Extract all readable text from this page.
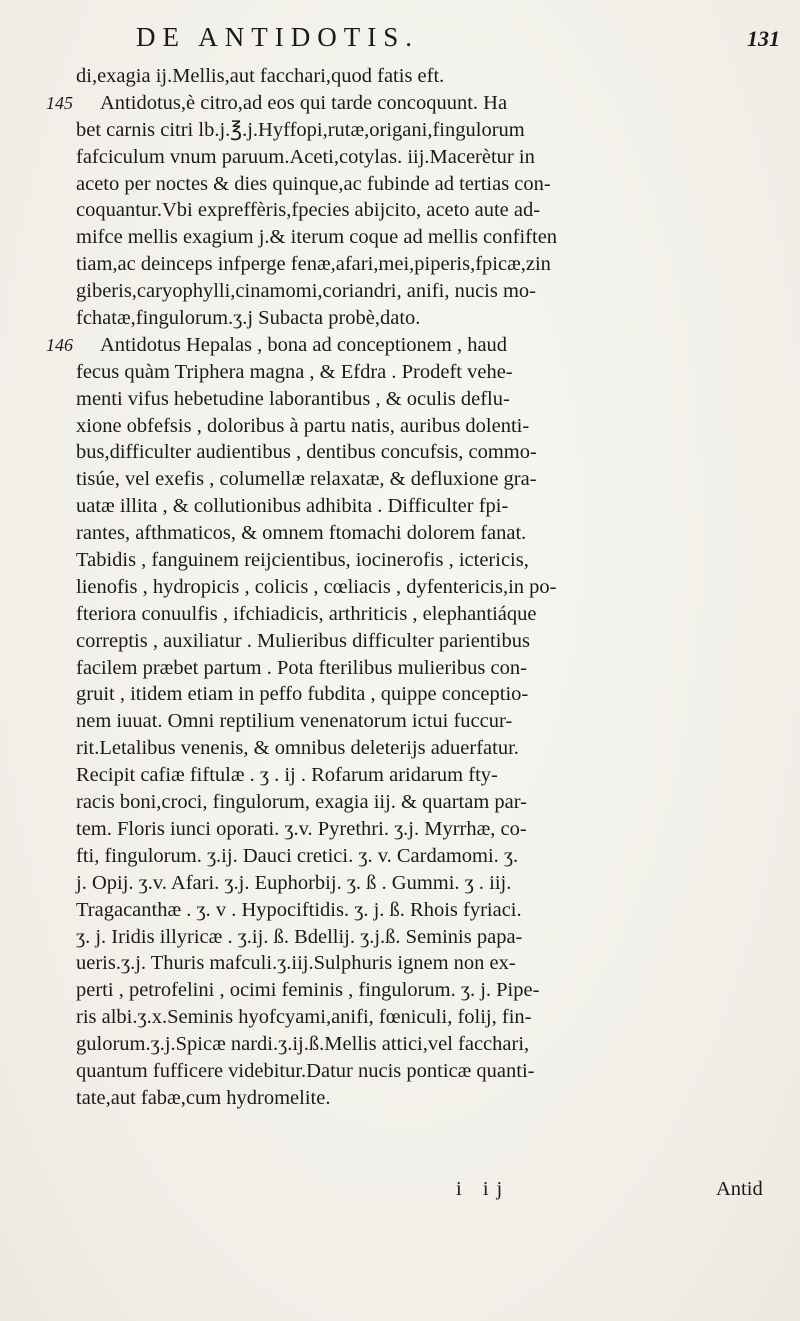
DE ANTIDOTIS.	131
di,exagia ij.Mellis,aut facchari,quod fatis eft.
145 Antidotus,è citro,ad eos qui tarde concoquunt. Ha
bet carnis citri lb.j.℥.j.Hyffopi,rutæ,origani,fingulorum
fafciculum vnum paruum.Aceti,cotylas. iij.Macerètur in
aceto per noctes & dies quinque,ac fubinde ad tertias con-
coquantur.Vbi expreffèris,fpecies abijcito, aceto aute ad-
mifce mellis exagium j.& iterum coque ad mellis confiften
tiam,ac deinceps infperge fenæ,afari,mei,piperis,fpicæ,zin
giberis,caryophylli,cinamomi,coriandri, anifi, nucis mo-
fchatæ,fingulorum.ʒ.j Subacta probè,dato.
146 Antidotus Hepalas , bona ad conceptionem , haud
fecus quàm Triphera magna , & Efdra . Prodeft vehe-
menti vifus hebetudine laborantibus , & oculis deflu-
xione obfefsis , doloribus à partu natis, auribus dolenti-
bus,difficulter audientibus , dentibus concufsis, commo-
tisúe, vel exefis , columellæ relaxatæ, & defluxione gra-
uatæ illita , & collutionibus adhibita . Difficulter fpi-
rantes, afthmaticos, & omnem ftomachi dolorem fanat.
Tabidis , fanguinem reijcientibus, iocinerofis , ictericis,
lienofis , hydropicis , colicis , cœliacis , dyfentericis,in po-
fteriora conuulfis , ifchiadicis, arthriticis , elephantiáque
correptis , auxiliatur . Mulieribus difficulter parientibus
facilem præbet partum . Pota fterilibus mulieribus con-
gruit , itidem etiam in peffo fubdita , quippe conceptio-
nem iuuat. Omni reptilium venenatorum ictui fuccur-
rit.Letalibus venenis, & omnibus deleterijs aduerfatur.
Recipit cafiæ fiftulæ . ʒ . ij . Rofarum aridarum fty-
racis boni,croci, fingulorum, exagia iij. & quartam par-
tem. Floris iunci oporati. ʒ.v. Pyrethri. ʒ.j. Myrrhæ, co-
fti, fingulorum. ʒ.ij. Dauci cretici. ʒ. v. Cardamomi. ʒ.
j. Opij. ʒ.v. Afari. ʒ.j. Euphorbij. ʒ. ß . Gummi. ʒ . iij.
Tragacanthæ . ʒ. v . Hypociftidis. ʒ. j. ß. Rhois fyriaci.
ʒ. j. Iridis illyricæ . ʒ.ij. ß. Bdellij. ʒ.j.ß. Seminis papa-
ueris.ʒ.j. Thuris mafculi.ʒ.iij.Sulphuris ignem non ex-
perti , petrofelini , ocimi feminis , fingulorum. ʒ. j. Pipe-
ris albi.ʒ.x.Seminis hyofcyami,anifi, fœniculi, folij, fin-
gulorum.ʒ.j.Spicæ nardi.ʒ.ij.ß.Mellis attici,vel facchari,
quantum fufficere videbitur.Datur nucis ponticæ quanti-
tate,aut fabæ,cum hydromelite.
i ij	Antid
